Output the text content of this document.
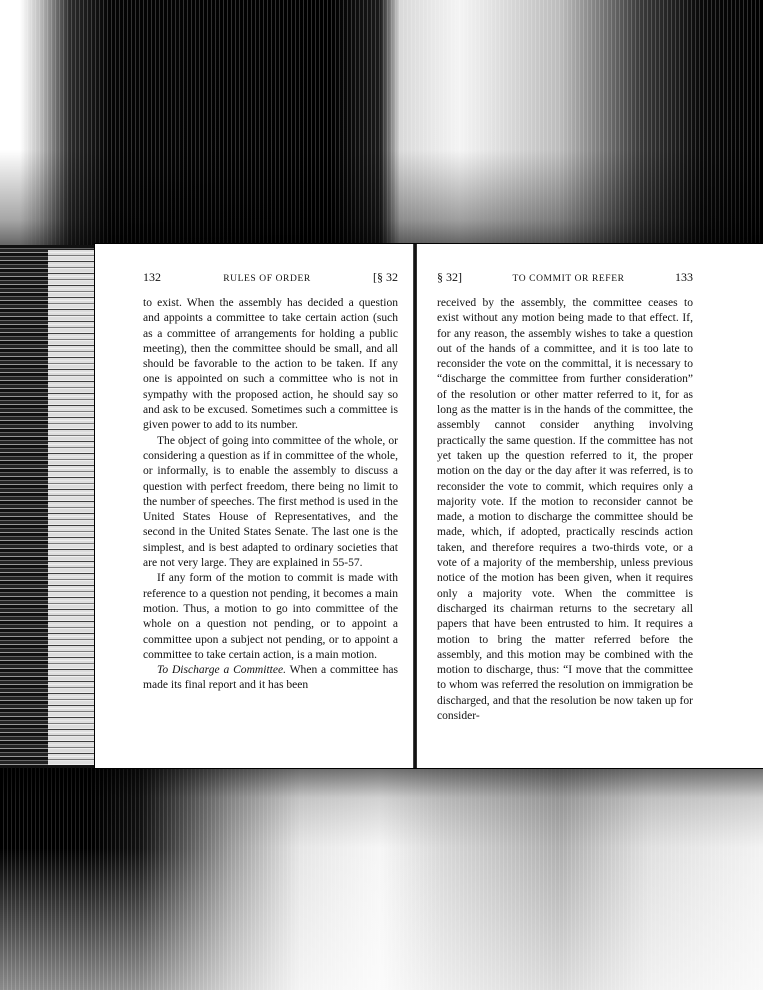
132	RULES OF ORDER	[§ 32

to exist. When the assembly has decided a question and appoints a committee to take certain action (such as a committee of arrangements for holding a public meeting), then the committee should be small, and all should be favorable to the action to be taken. If any one is appointed on such a committee who is not in sympathy with the proposed action, he should say so and ask to be excused. Sometimes such a committee is given power to add to its number.

The object of going into committee of the whole, or considering a question as if in committee of the whole, or informally, is to enable the assembly to discuss a question with perfect freedom, there being no limit to the number of speeches. The first method is used in the United States House of Representatives, and the second in the United States Senate. The last one is the simplest, and is best adapted to ordinary societies that are not very large. They are explained in 55-57.

If any form of the motion to commit is made with reference to a question not pending, it becomes a main motion. Thus, a motion to go into committee of the whole on a question not pending, or to appoint a committee upon a subject not pending, or to appoint a committee to take certain action, is a main motion.

To Discharge a Committee. When a committee has made its final report and it has been

§ 32]	TO COMMIT OR REFER	133

received by the assembly, the committee ceases to exist without any motion being made to that effect. If, for any reason, the assembly wishes to take a question out of the hands of a committee, and it is too late to reconsider the vote on the committal, it is necessary to “discharge the committee from further consideration” of the resolution or other matter referred to it, for as long as the matter is in the hands of the committee, the assembly cannot consider anything involving practically the same question. If the committee has not yet taken up the question referred to it, the proper motion on the day or the day after it was referred, is to reconsider the vote to commit, which requires only a majority vote. If the motion to reconsider cannot be made, a motion to discharge the committee should be made, which, if adopted, practically rescinds action taken, and therefore requires a two-thirds vote, or a vote of a majority of the membership, unless previous notice of the motion has been given, when it requires only a majority vote. When the committee is discharged its chairman returns to the secretary all papers that have been entrusted to him. It requires a motion to bring the matter referred before the assembly, and this motion may be combined with the motion to discharge, thus: “I move that the committee to whom was referred the resolution on immigration be discharged, and that the resolution be now taken up for consider-
